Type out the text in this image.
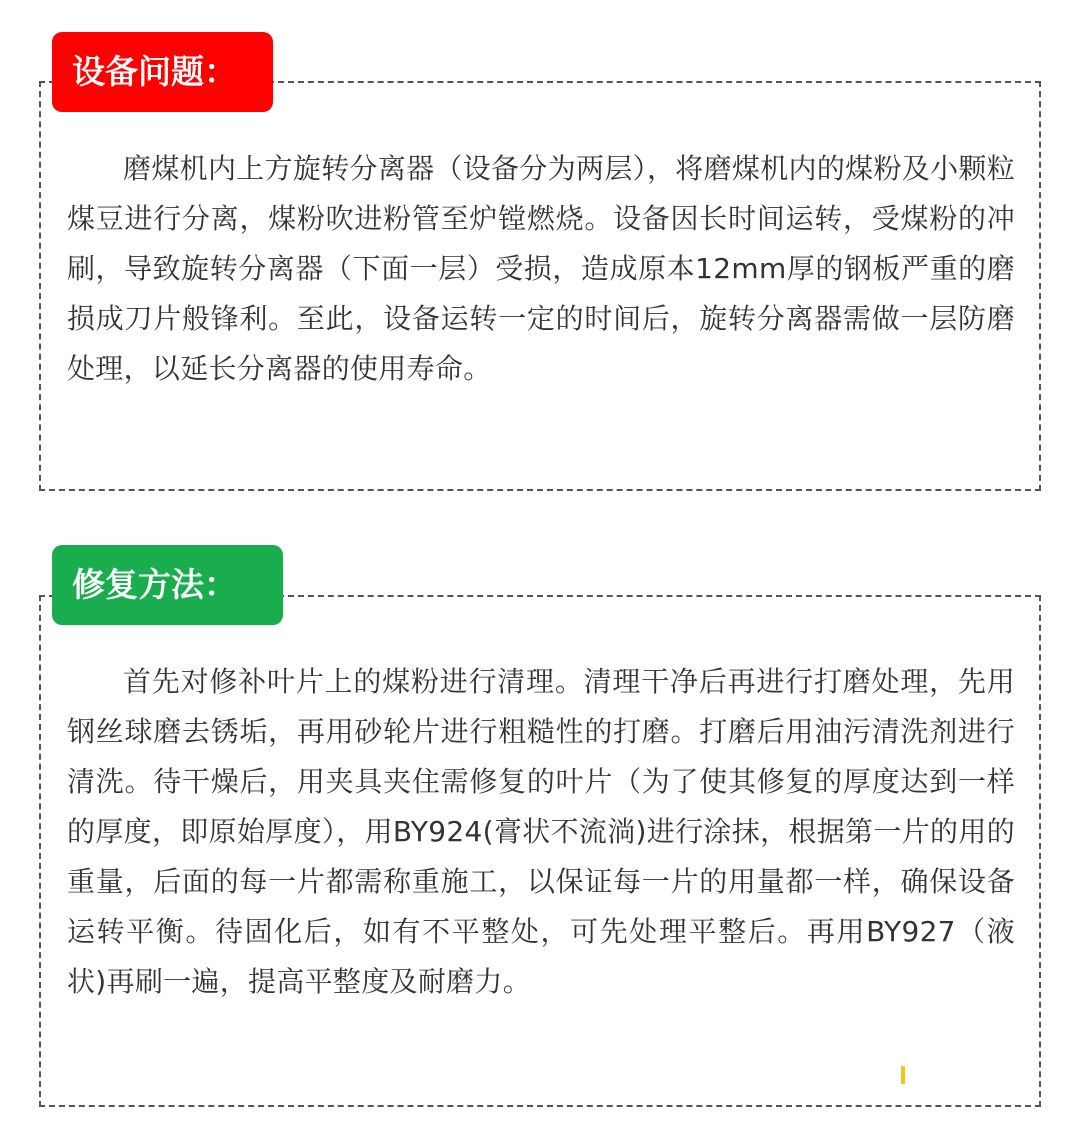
设备问题：

磨煤机内上方旋转分离器（设备分为两层），将磨煤机内的煤粉及小颗粒煤豆进行分离，煤粉吹进粉管至炉镗燃烧。设备因长时间运转，受煤粉的冲刷，导致旋转分离器（下面一层）受损，造成原本12mm厚的钢板严重的磨损成刀片般锋利。至此，设备运转一定的时间后，旋转分离器需做一层防磨处理，以延长分离器的使用寿命。

修复方法：

首先对修补叶片上的煤粉进行清理。清理干净后再进行打磨处理，先用钢丝球磨去锈垢，再用砂轮片进行粗糙性的打磨。打磨后用油污清洗剂进行清洗。待干燥后，用夹具夹住需修复的叶片（为了使其修复的厚度达到一样的厚度，即原始厚度），用BY924(膏状不流淌)进行涂抹，根据第一片的用的重量，后面的每一片都需称重施工，以保证每一片的用量都一样，确保设备运转平衡。待固化后，如有不平整处，可先处理平整后。再用BY927（液状)再刷一遍，提高平整度及耐磨力。
